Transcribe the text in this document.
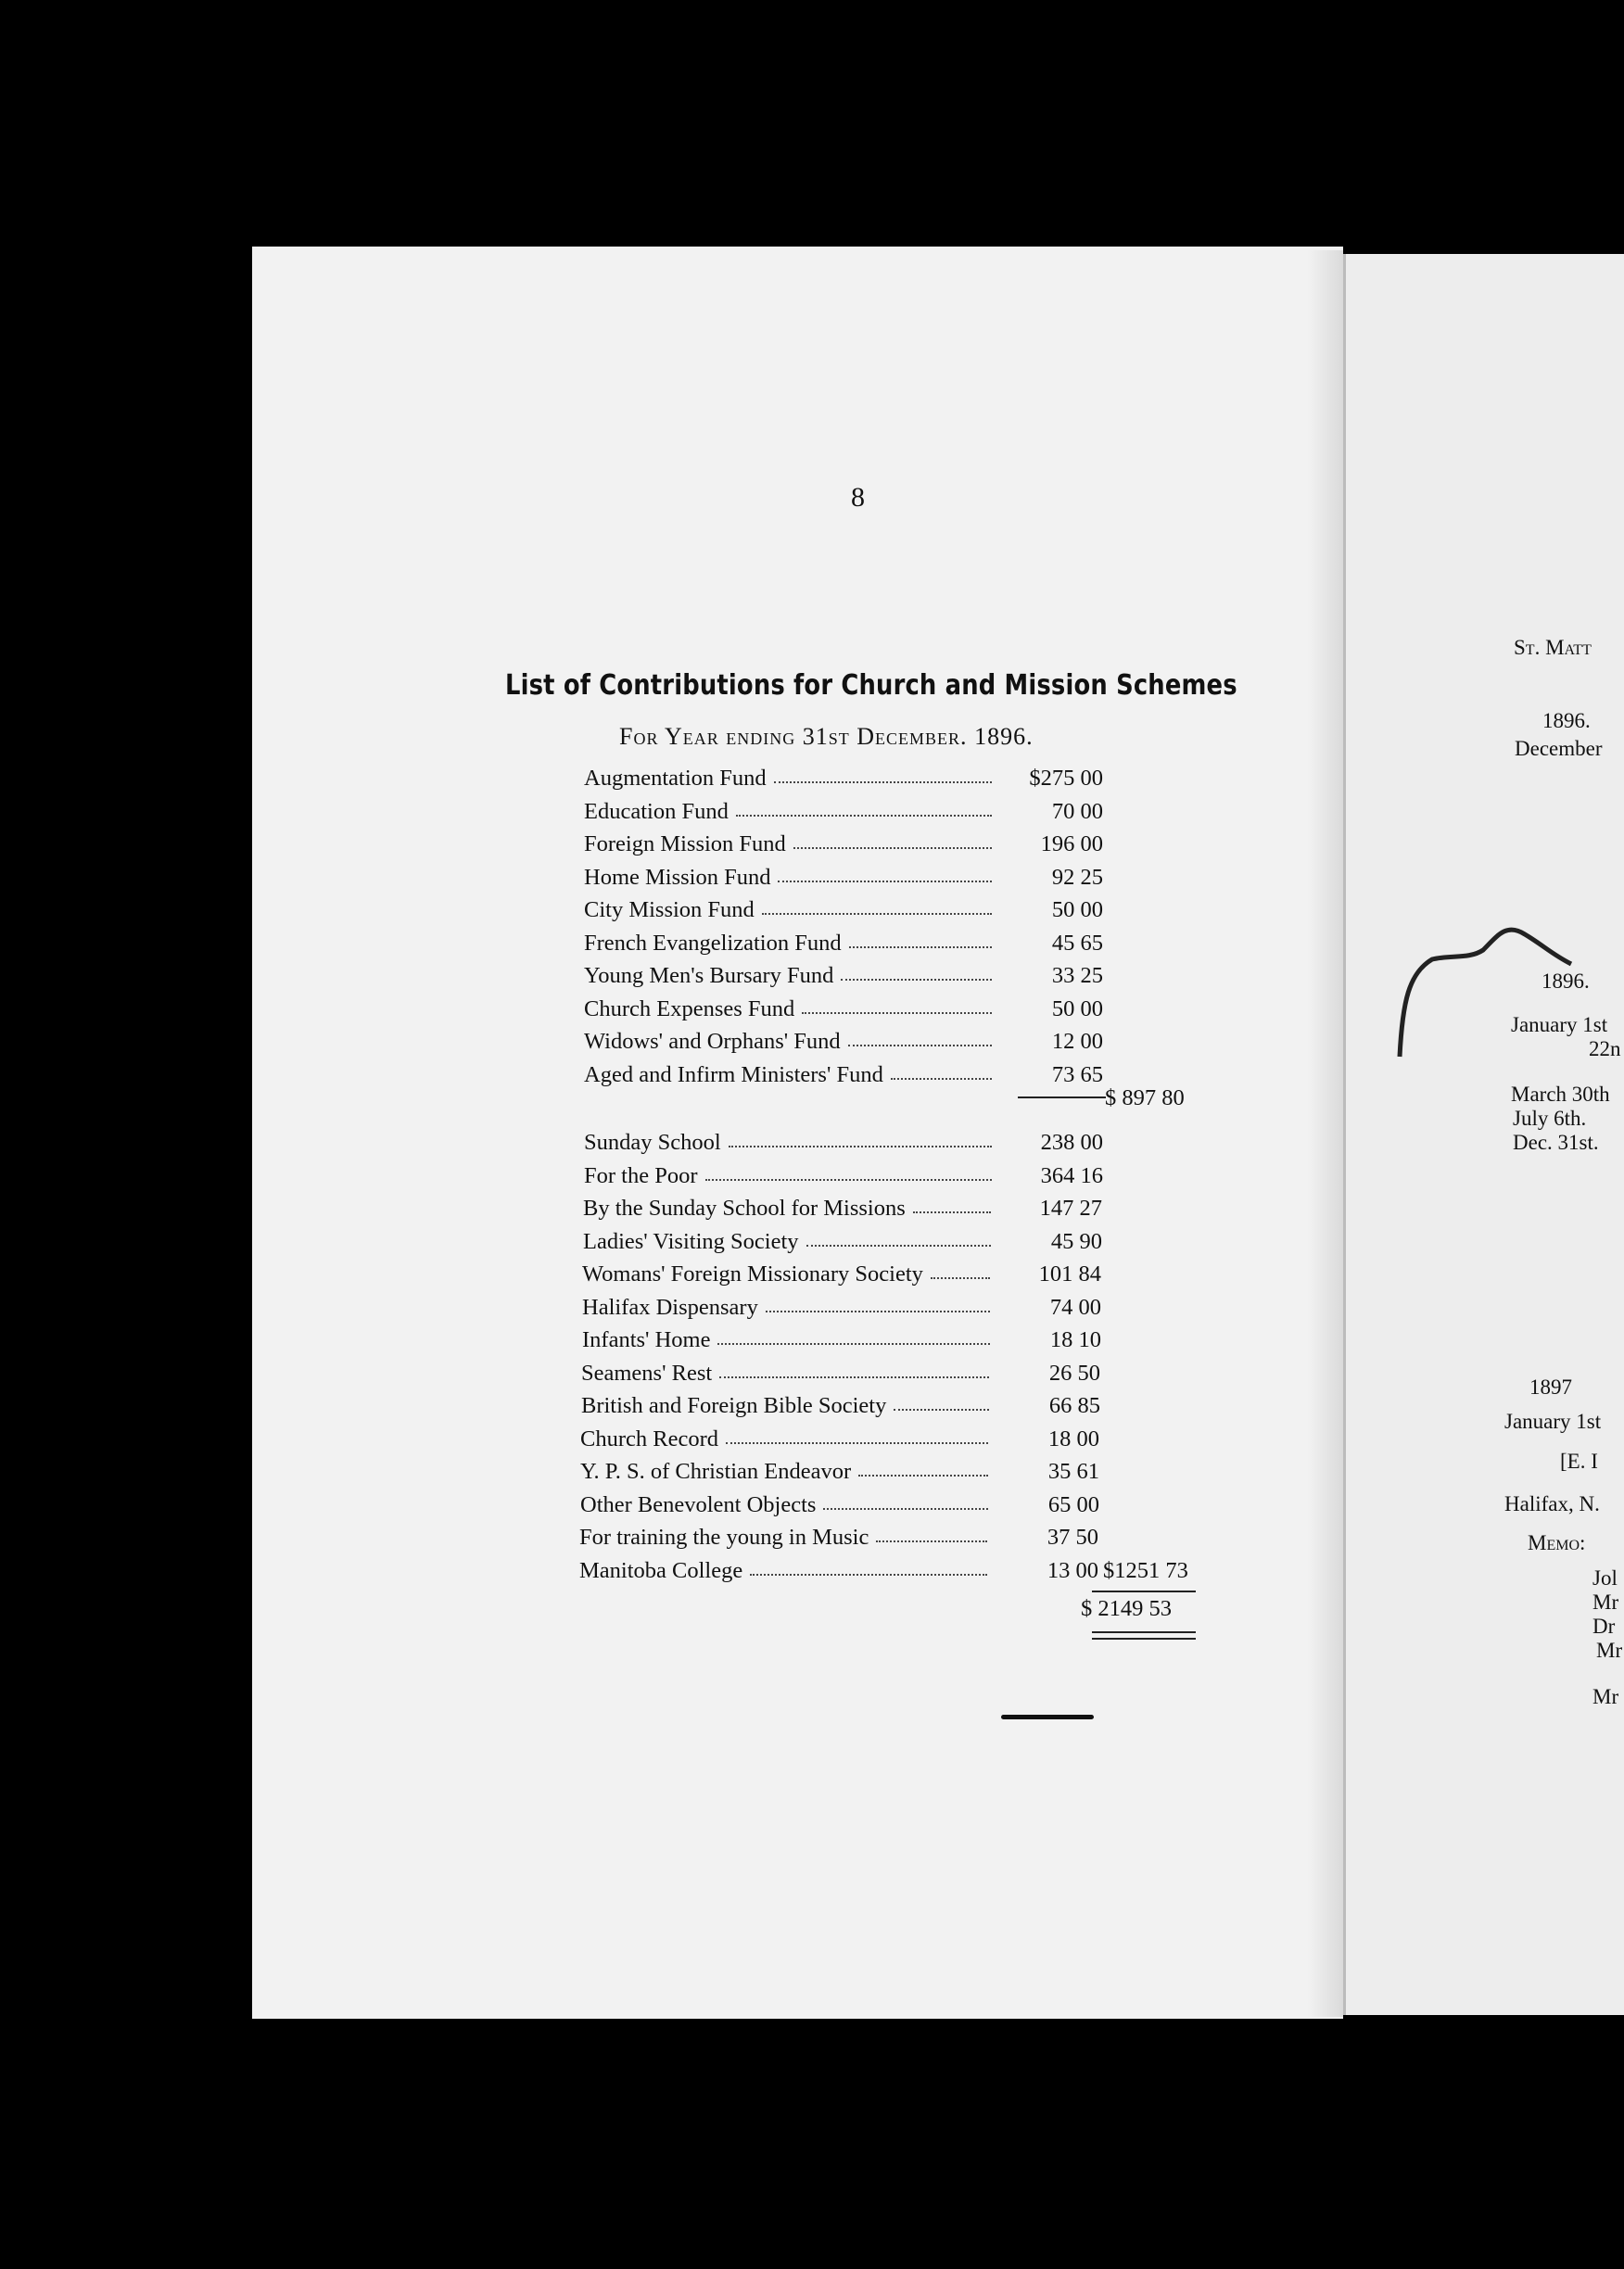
8
List of Contributions for Church and Mission Schemes
For Year ending 31st December. 1896.
Augmentation Fund	$275 00
Education Fund	70 00
Foreign Mission Fund	196 00
Home Mission Fund	92 25
City Mission Fund	50 00
French Evangelization Fund	45 65
Young Men's Bursary Fund	33 25
Church Expenses Fund	50 00
Widows' and Orphans' Fund	12 00
Aged and Infirm Ministers' Fund	73 65
$ 897 80
Sunday School	238 00
For the Poor	364 16
By the Sunday School for Missions	147 27
Ladies' Visiting Society	45 90
Womans' Foreign Missionary Society	101 84
Halifax Dispensary	74 00
Infants' Home	18 10
Seamens' Rest	26 50
British and Foreign Bible Society	66 85
Church Record	18 00
Y. P. S. of Christian Endeavor	35 61
Other Benevolent Objects	65 00
For training the young in Music	37 50
Manitoba College	13 00 $1251 73
$ 2149 53
St. Matt
1896.
December
1896.
January 1st
22n
March 30th
July 6th.
Dec. 31st.
1897
January 1st
[E. I
Halifax, N.
Memo:
Jol
Mr
Dr
Mr
Mr
